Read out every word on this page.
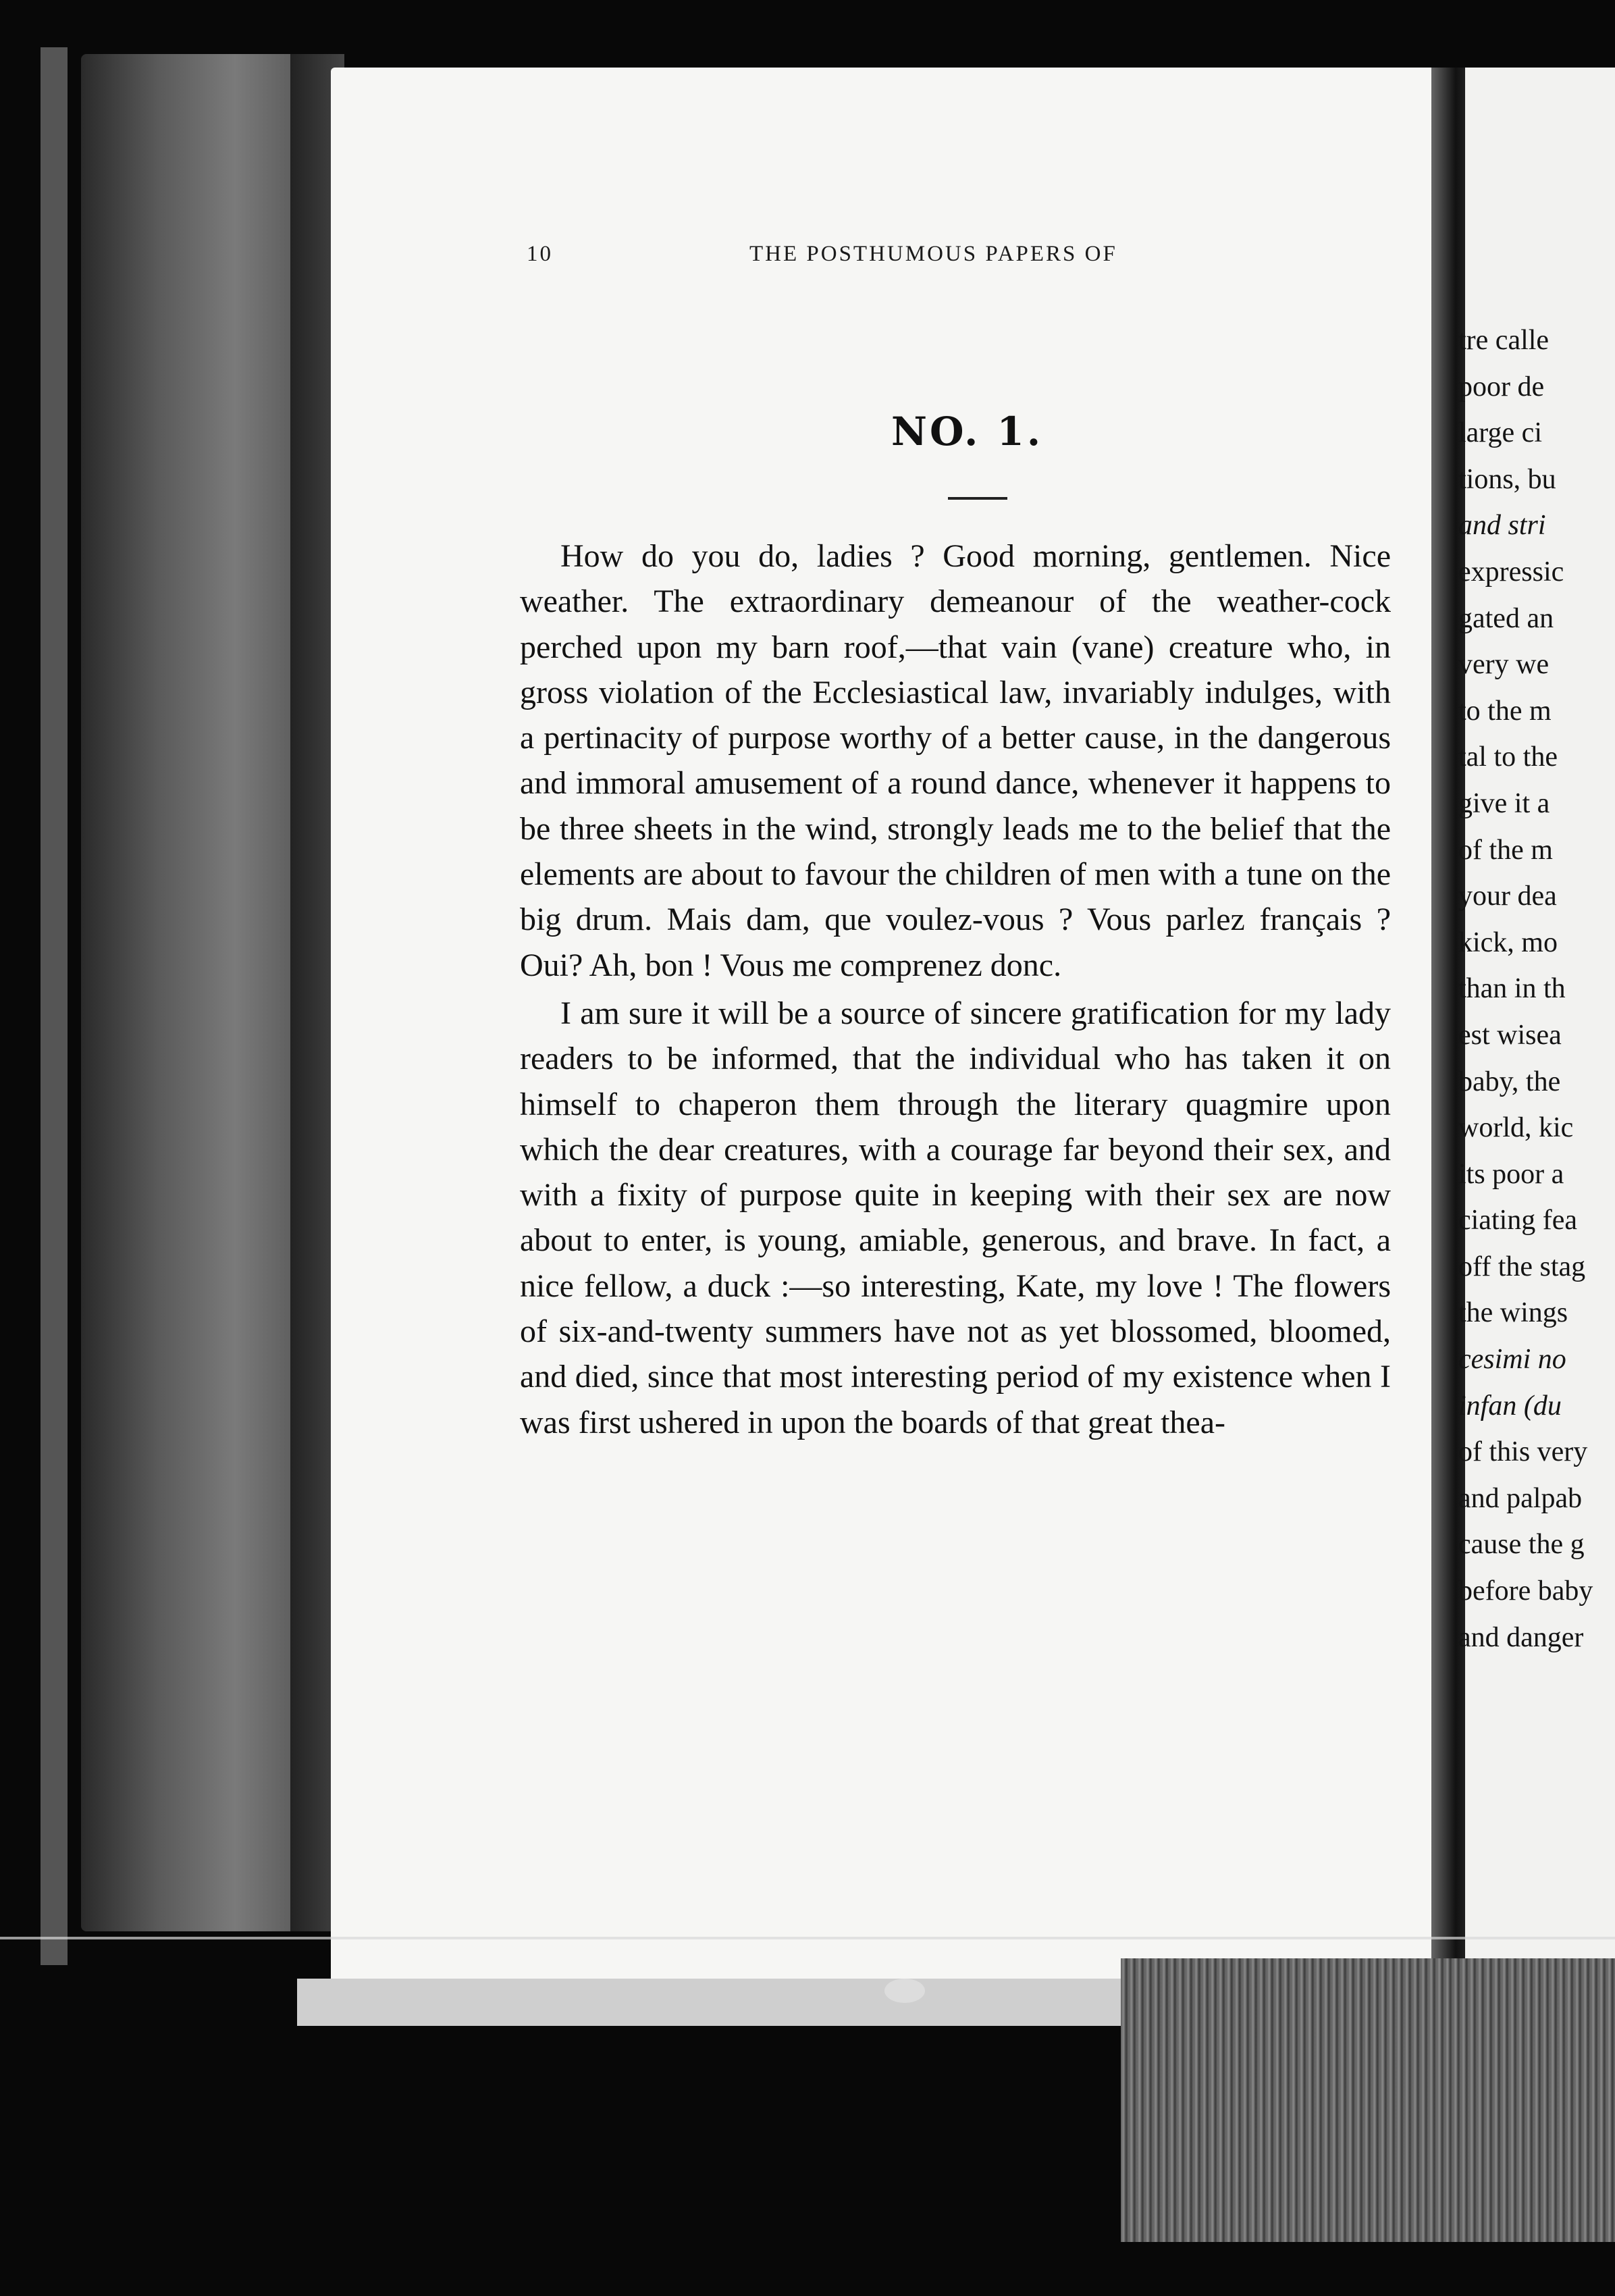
10	THE POSTHUMOUS PAPERS OF
NO. 1.

How do you do, ladies ? Good morning, gentlemen. Nice weather. The extraordinary demeanour of the weather-cock perched upon my barn roof,—that vain (vane) creature who, in gross violation of the Ecclesiastical law, invariably indulges, with a pertinacity of purpose worthy of a better cause, in the dangerous and immoral amusement of a round dance, whenever it happens to be three sheets in the wind, strongly leads me to the belief that the elements are about to favour the children of men with a tune on the big drum. Mais dam, que voulez-vous ? Vous parlez français ? Oui? Ah, bon ! Vous me comprenez donc.

I am sure it will be a source of sincere gratification for my lady readers to be informed, that the individual who has taken it on himself to chaperon them through the literary quagmire upon which the dear creatures, with a courage far beyond their sex, and with a fixity of purpose quite in keeping with their sex are now about to enter, is young, amiable, generous, and brave. In fact, a nice fellow, a duck :—so interesting, Kate, my love ! The flowers of six-and-twenty summers have not as yet blossomed, bloomed, and died, since that most interesting period of my existence when I was first ushered in upon the boards of that great thea-

tre calle
poor de
large ci
tions, bu
and stri
expressic
gated an
very we
to the m
tal to the
give it a
of the m
your dea
kick, mo
than in th
est wisea
baby, the
world, kic
its poor a
ciating fea
off the stag
the wings
cesimi no
infan (du
of this very
and palpab
cause the g
before baby
and danger
